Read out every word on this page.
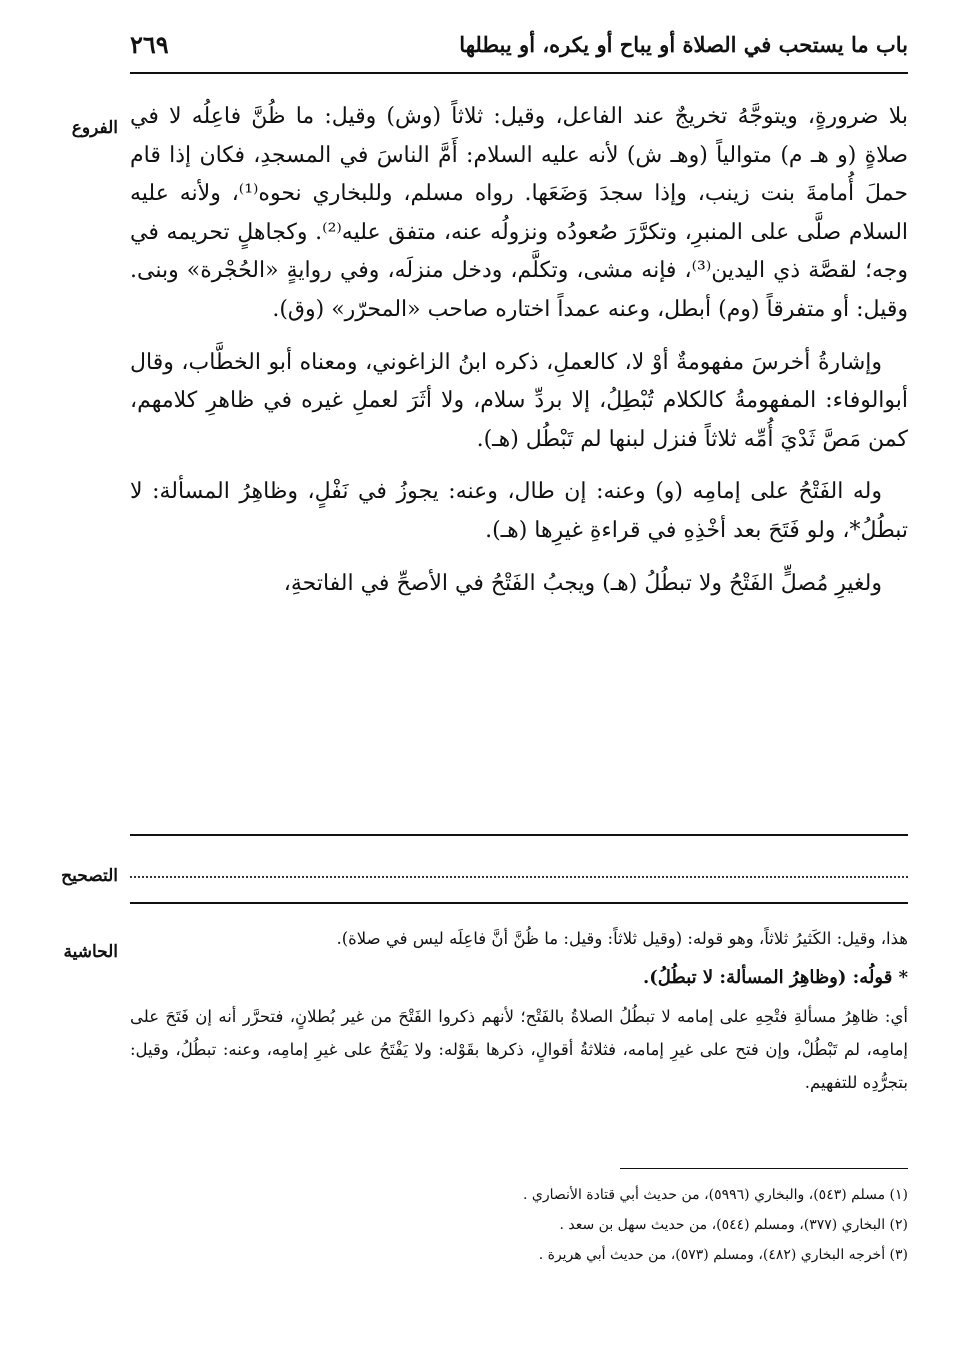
باب ما يستحب في الصلاة أو يباح أو يكره، أو يبطلها
٢٦٩
الفروع
التصحيح
الحاشية

بلا ضرورةٍ، ويتوجَّهُ تخريجٌ عند الفاعل، وقيل: ثلاثاً (وش) وقيل: ما ظُنَّ فاعِلُه لا في صلاةٍ (و هـ م) متوالياً (وهـ ش) لأنه عليه السلام: أَمَّ الناسَ في المسجدِ، فكان إذا قام حملَ أُمامةَ بنت زينب، وإذا سجدَ وَضَعَها. رواه مسلم، وللبخاري نحوه⁽¹⁾، ولأنه عليه السلام صلَّى على المنبرِ، وتكرَّرَ صُعودُه ونزولُه عنه، متفق عليه⁽²⁾. وكجاهلٍ تحريمه في وجه؛ لقصَّة ذي اليدين⁽³⁾، فإنه مشى، وتكلَّم، ودخل منزلَه، وفي روايةٍ «الحُجْرة» وبنى. وقيل: أو متفرقاً (وم) أبطل، وعنه عمداً اختاره صاحب «المحرّر» (وق).

وإشارةُ أخرسَ مفهومةٌ أوْ لا، كالعملِ، ذكره ابنُ الزاغوني، ومعناه أبو الخطَّاب، وقال أبوالوفاء: المفهومةُ كالكلام تُبْطِلُ، إلا بردِّ سلام، ولا أثَرَ لعملِ غيره في ظاهرِ كلامهم، كمن مَصَّ ثَدْيَ أُمِّه ثلاثاً فنزل لبنها لم تَبْطُل (هـ).

وله الفَتْحُ على إمامِه (و) وعنه: إن طال، وعنه: يجوزُ في نَفْلٍ، وظاهِرُ المسألة: لا تبطُلُ*، ولو فَتَحَ بعد أخْذِهِ في قراءةِ غيرِها (هـ).

ولغيرِ مُصلٍّ الفَتْحُ ولا تبطُلُ (هـ) ويجبُ الفَتْحُ في الأصحِّ في الفاتحةِ،

هذا، وقيل: الكَثيرُ ثلاثاً، وهو قوله: (وقيل ثلاثاً: وقيل: ما ظُنَّ أنَّ فاعِلَه ليس في صلاة).

* قولُه: (وظاهِرُ المسألة: لا تبطُلُ).

أي: ظاهِرُ مسألةِ فتْحِهِ على إمامه لا تبطُلُ الصلاةُ بالفَتْح؛ لأنهم ذكروا الفَتْحَ من غير بُطلانٍ، فتحرَّر أنه إن فَتَحَ على إمامِه، لم تَبْطُلْ، وإن فتح على غيرِ إمامه، فثلاثةُ أقوالٍ، ذكرها بقَوْله: ولا يَفْتَحُ على غيرِ إمامِه، وعنه: تبطُلُ، وقيل: بتجرُّدِه للتفهيم.

(١) مسلم (٥٤٣)، والبخاري (٥٩٩٦)، من حديث أبي قتادة الأنصاري .
(٢) البخاري (٣٧٧)، ومسلم (٥٤٤)، من حديث سهل بن سعد .
(٣) أخرجه البخاري (٤٨٢)، ومسلم (٥٧٣)، من حديث أبي هريرة .
